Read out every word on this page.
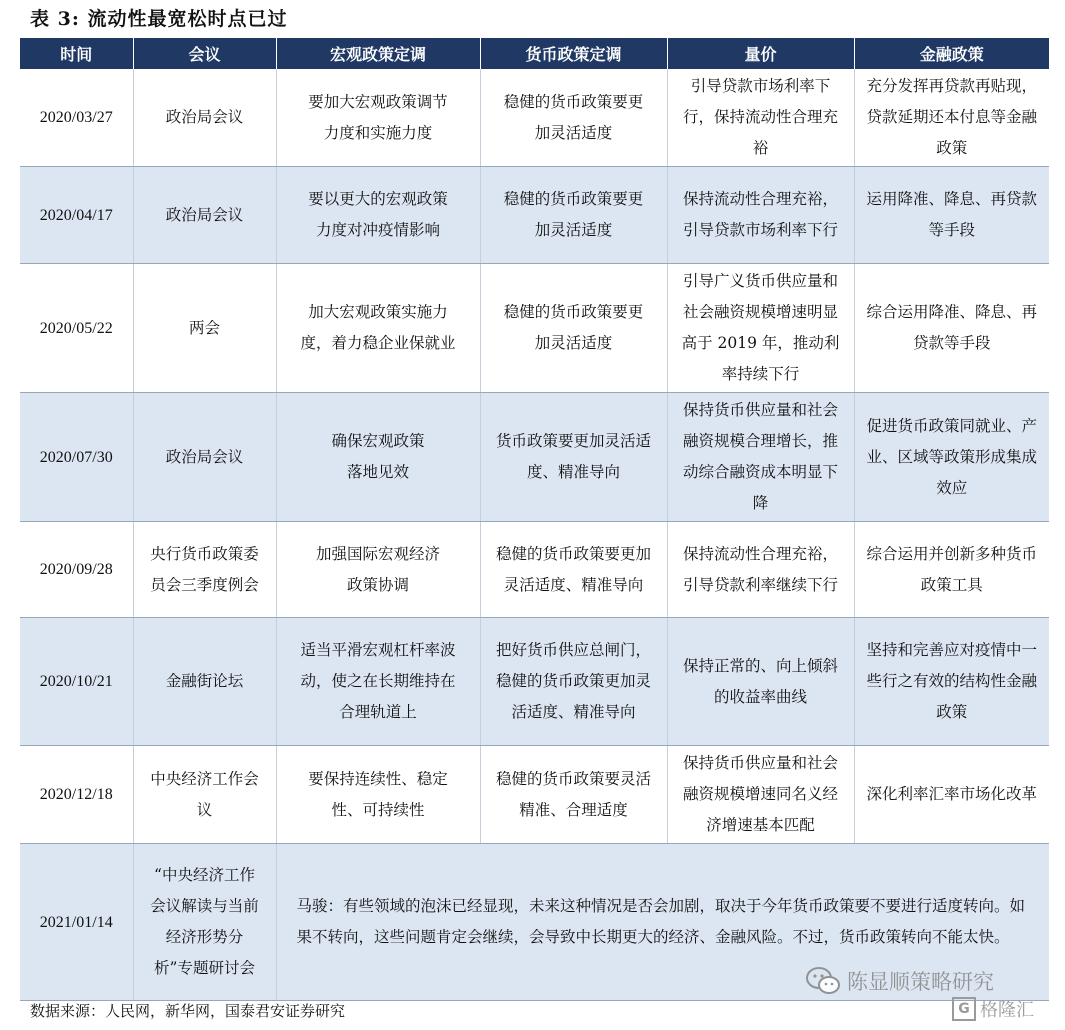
表 3: 流动性最宽松时点已过
时间	会议	宏观政策定调	货币政策定调	量价	金融政策
2020/03/27	政治局会议	要加大宏观政策调节力度和实施力度	稳健的货币政策要更加灵活适度	引导贷款市场利率下行，保持流动性合理充裕	充分发挥再贷款再贴现，贷款延期还本付息等金融政策
2020/04/17	政治局会议	要以更大的宏观政策力度对冲疫情影响	稳健的货币政策要更加灵活适度	保持流动性合理充裕，引导贷款市场利率下行	运用降准、降息、再贷款等手段
2020/05/22	两会	加大宏观政策实施力度，着力稳企业保就业	稳健的货币政策要更加灵活适度	引导广义货币供应量和社会融资规模增速明显高于 2019 年，推动利率持续下行	综合运用降准、降息、再贷款等手段
2020/07/30	政治局会议	确保宏观政策落地见效	货币政策要更加灵活适度、精准导向	保持货币供应量和社会融资规模合理增长，推动综合融资成本明显下降	促进货币政策同就业、产业、区域等政策形成集成效应
2020/09/28	央行货币政策委员会三季度例会	加强国际宏观经济政策协调	稳健的货币政策要更加灵活适度、精准导向	保持流动性合理充裕，引导贷款利率继续下行	综合运用并创新多种货币政策工具
2020/10/21	金融街论坛	适当平滑宏观杠杆率波动，使之在长期维持在合理轨道上	把好货币供应总闸门，稳健的货币政策更加灵活适度、精准导向	保持正常的、向上倾斜的收益率曲线	坚持和完善应对疫情中一些行之有效的结构性金融政策
2020/12/18	中央经济工作会议	要保持连续性、稳定性、可持续性	稳健的货币政策要灵活精准、合理适度	保持货币供应量和社会融资规模增速同名义经济增速基本匹配	深化利率汇率市场化改革
2021/01/14	“中央经济工作会议解读与当前经济形势分析”专题研讨会	马骏：有些领域的泡沫已经显现，未来这种情况是否会加剧，取决于今年货币政策要不要进行适度转向。如果不转向，这些问题肯定会继续，会导致中长期更大的经济、金融风险。不过，货币政策转向不能太快。			
数据来源：人民网，新华网，国泰君安证券研究
陈显顺策略研究
G 格隆汇
